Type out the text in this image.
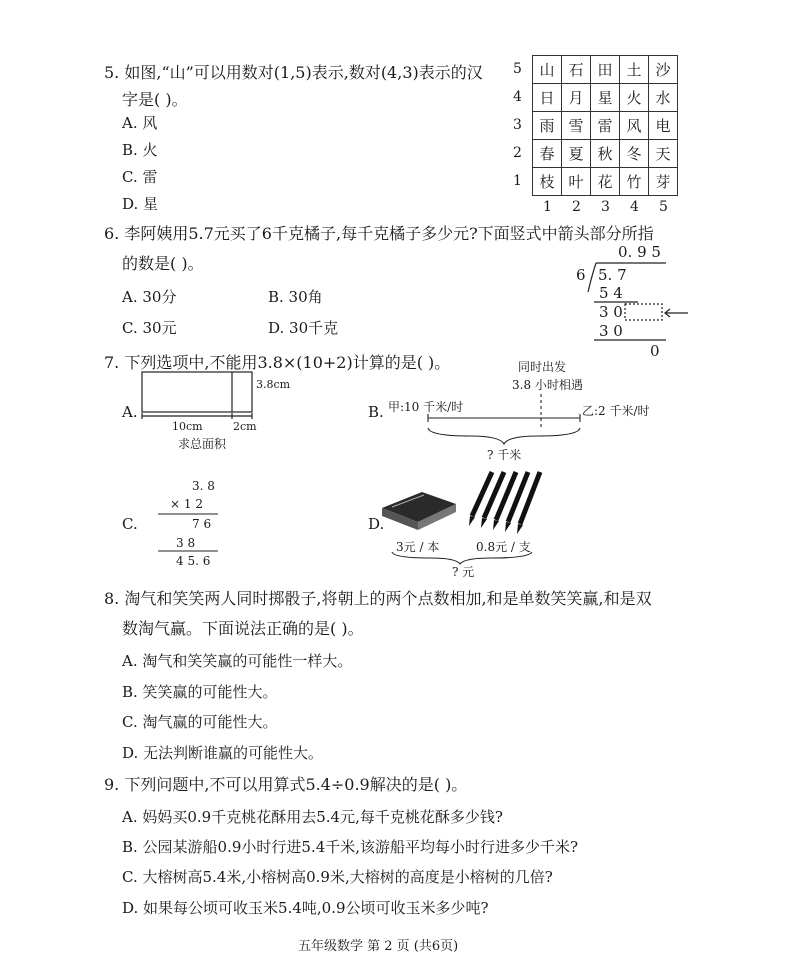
5. 如图,“山”可以用数对(1,5)表示,数对(4,3)表示的汉
字是( )。
A. 风
B. 火
C. 雷
D. 星
山	石	田	土	沙
日	月	星	火	水
雨	雪	雷	风	电
春	夏	秋	冬	天
枝	叶	花	竹	芽
5
4
3
2
1
1 2 3 4 5
6. 李阿姨用5.7元买了6千克橘子,每千克橘子多少元?下面竖式中箭头部分所指
的数是( )。
A. 30分	B. 30角
C. 30元	D. 30千克
0. 9 5
6 5. 7
5 4
3 0
3 0
0
7. 下列选项中,不能用3.8×(10+2)计算的是( )。
A.
3.8cm
10cm	2cm
求总面积
B.
同时出发
3.8 小时相遇
甲:10 千米/时	乙:2 千米/时
? 千米
C.
3. 8
× 1 2
7 6
3 8
4 5. 6
D.
3元 / 本	0.8元 / 支
? 元
8. 淘气和笑笑两人同时掷骰子,将朝上的两个点数相加,和是单数笑笑赢,和是双
数淘气赢。下面说法正确的是( )。
A. 淘气和笑笑赢的可能性一样大。
B. 笑笑赢的可能性大。
C. 淘气赢的可能性大。
D. 无法判断谁赢的可能性大。
9. 下列问题中,不可以用算式5.4÷0.9解决的是( )。
A. 妈妈买0.9千克桃花酥用去5.4元,每千克桃花酥多少钱?
B. 公园某游船0.9小时行进5.4千米,该游船平均每小时行进多少千米?
C. 大榕树高5.4米,小榕树高0.9米,大榕树的高度是小榕树的几倍?
D. 如果每公顷可收玉米5.4吨,0.9公顷可收玉米多少吨?
五年级数学 第 2 页 (共6页)
